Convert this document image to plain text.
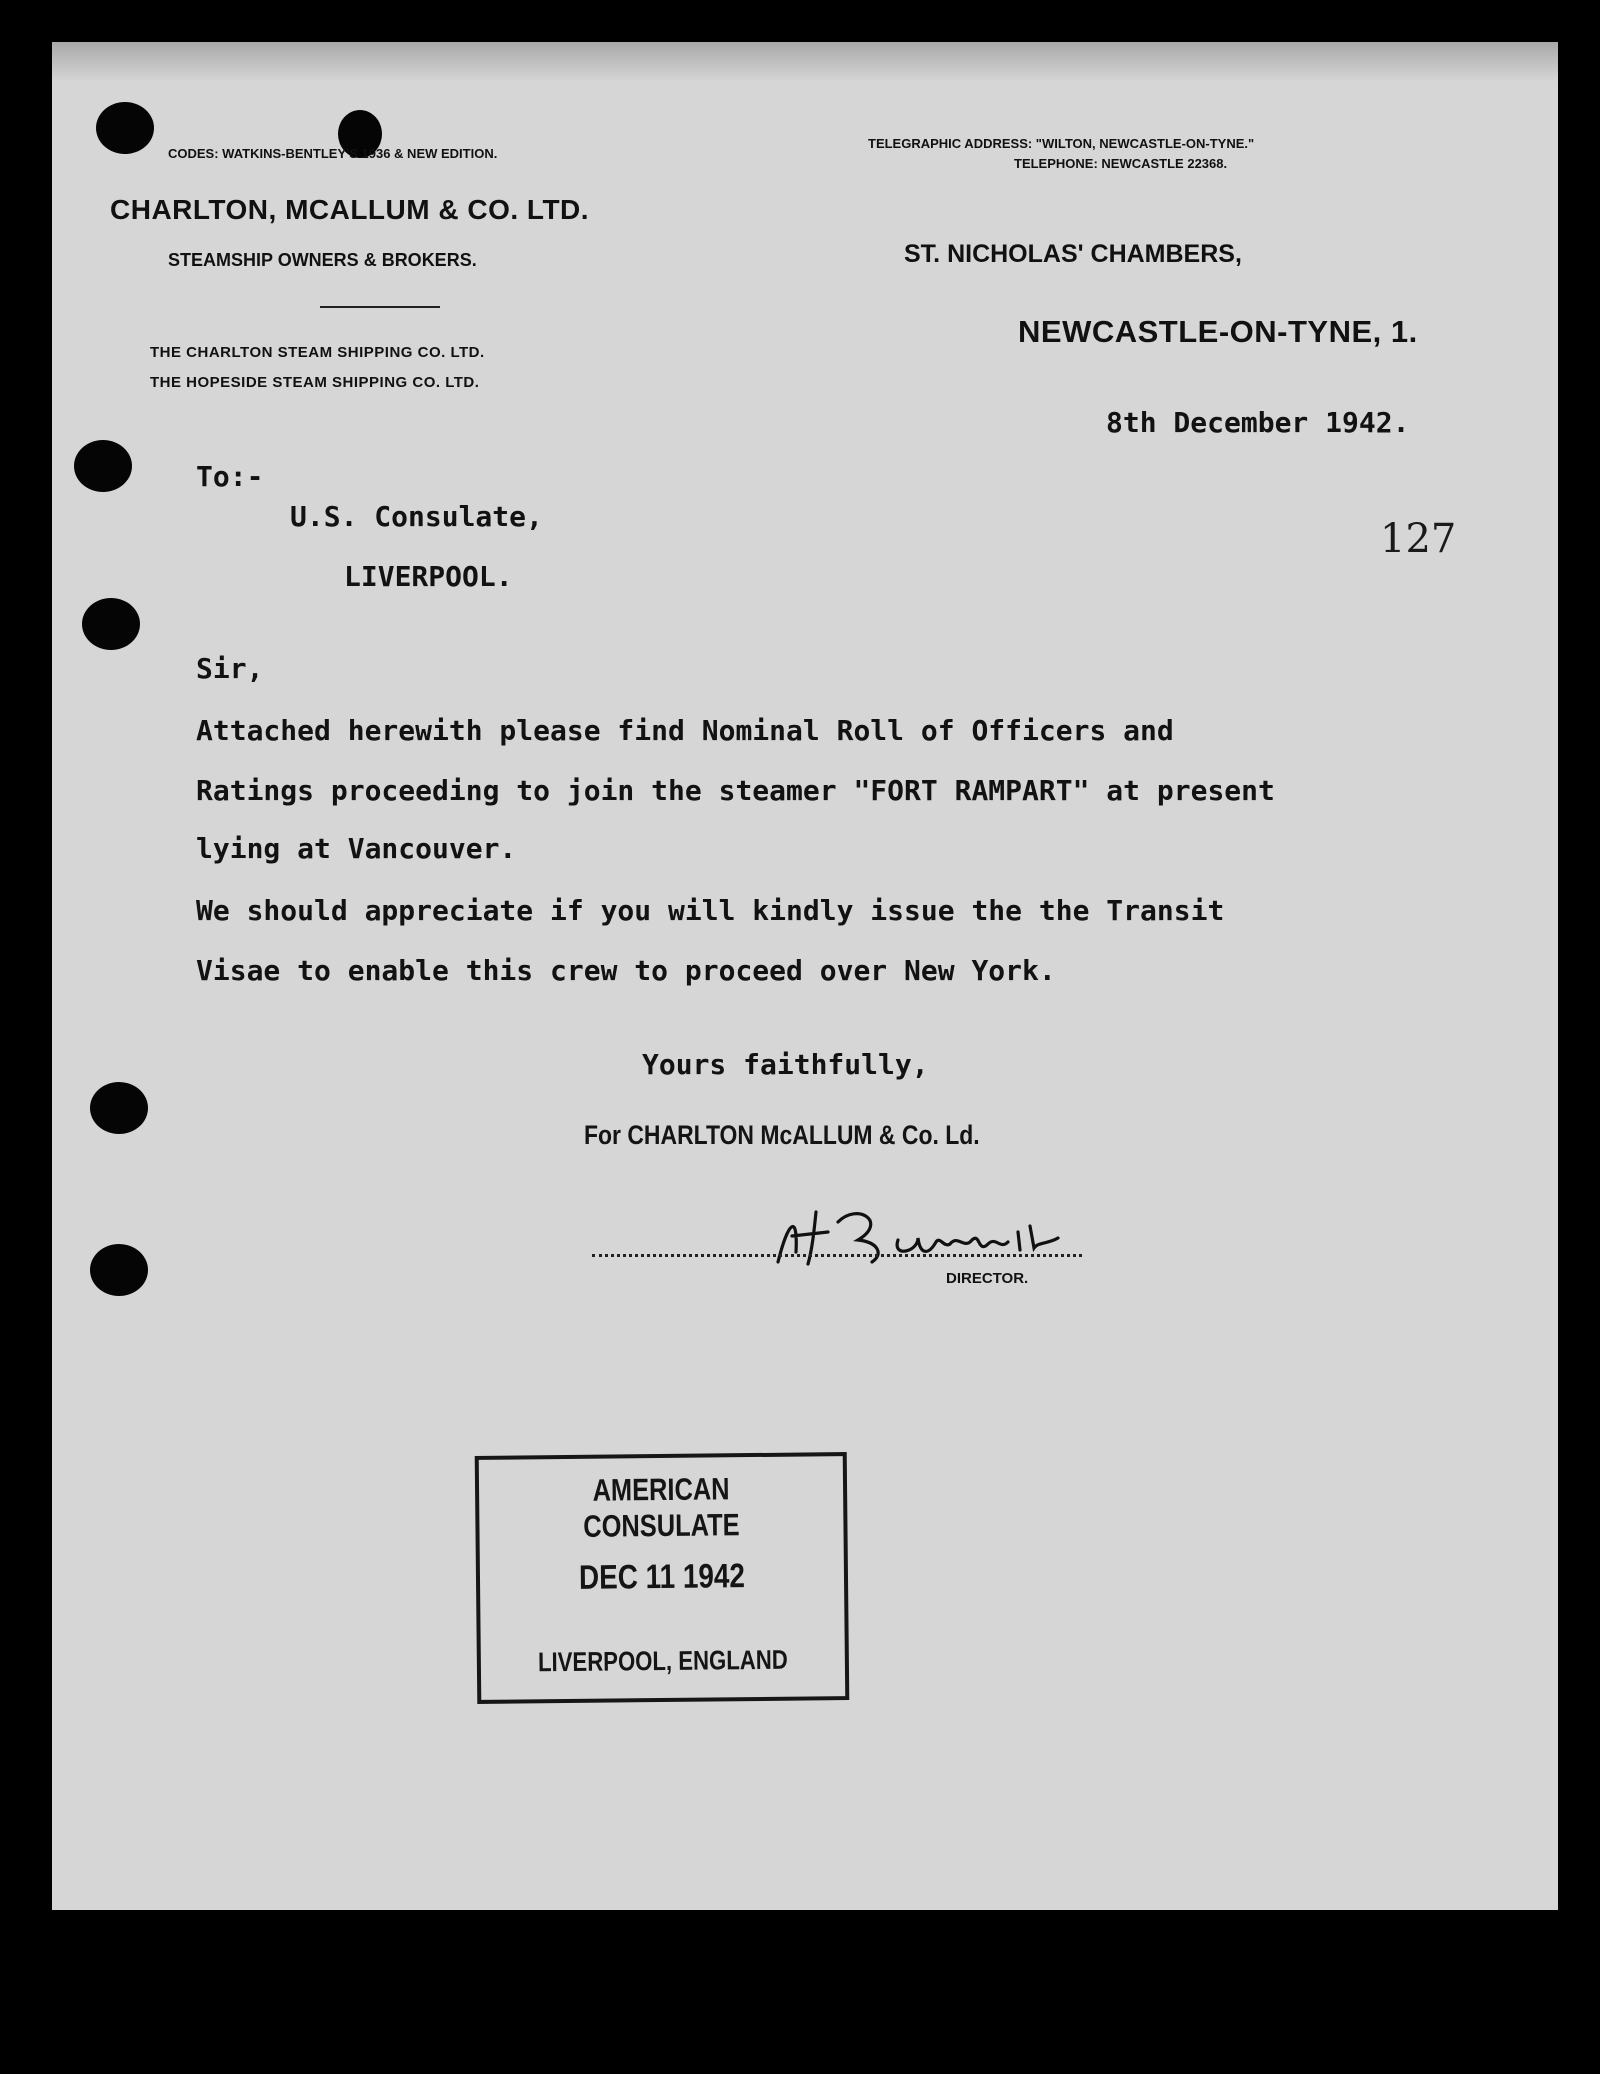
CODES: WATKINS-BENTLEY'S 1936 & NEW EDITION.
CHARLTON, MCALLUM & CO. LTD.
STEAMSHIP OWNERS & BROKERS.
THE CHARLTON STEAM SHIPPING CO. LTD.
THE HOPESIDE STEAM SHIPPING CO. LTD.
TELEGRAPHIC ADDRESS: "WILTON, NEWCASTLE-ON-TYNE."
TELEPHONE: NEWCASTLE 22368.
ST. NICHOLAS' CHAMBERS,
NEWCASTLE-ON-TYNE, 1.
8th December 1942.
127
To:-
U.S. Consulate,
LIVERPOOL.
Sir,
Attached herewith please find Nominal Roll of Officers and
Ratings proceeding to join the steamer "FORT RAMPART" at present
lying at Vancouver.
We should appreciate if you will kindly issue the the Transit
Visae to enable this crew to proceed over New York.
Yours faithfully,
For CHARLTON McALLUM & Co. Ld.
DIRECTOR.
AMERICAN CONSULATE
DEC 11 1942
LIVERPOOL, ENGLAND
